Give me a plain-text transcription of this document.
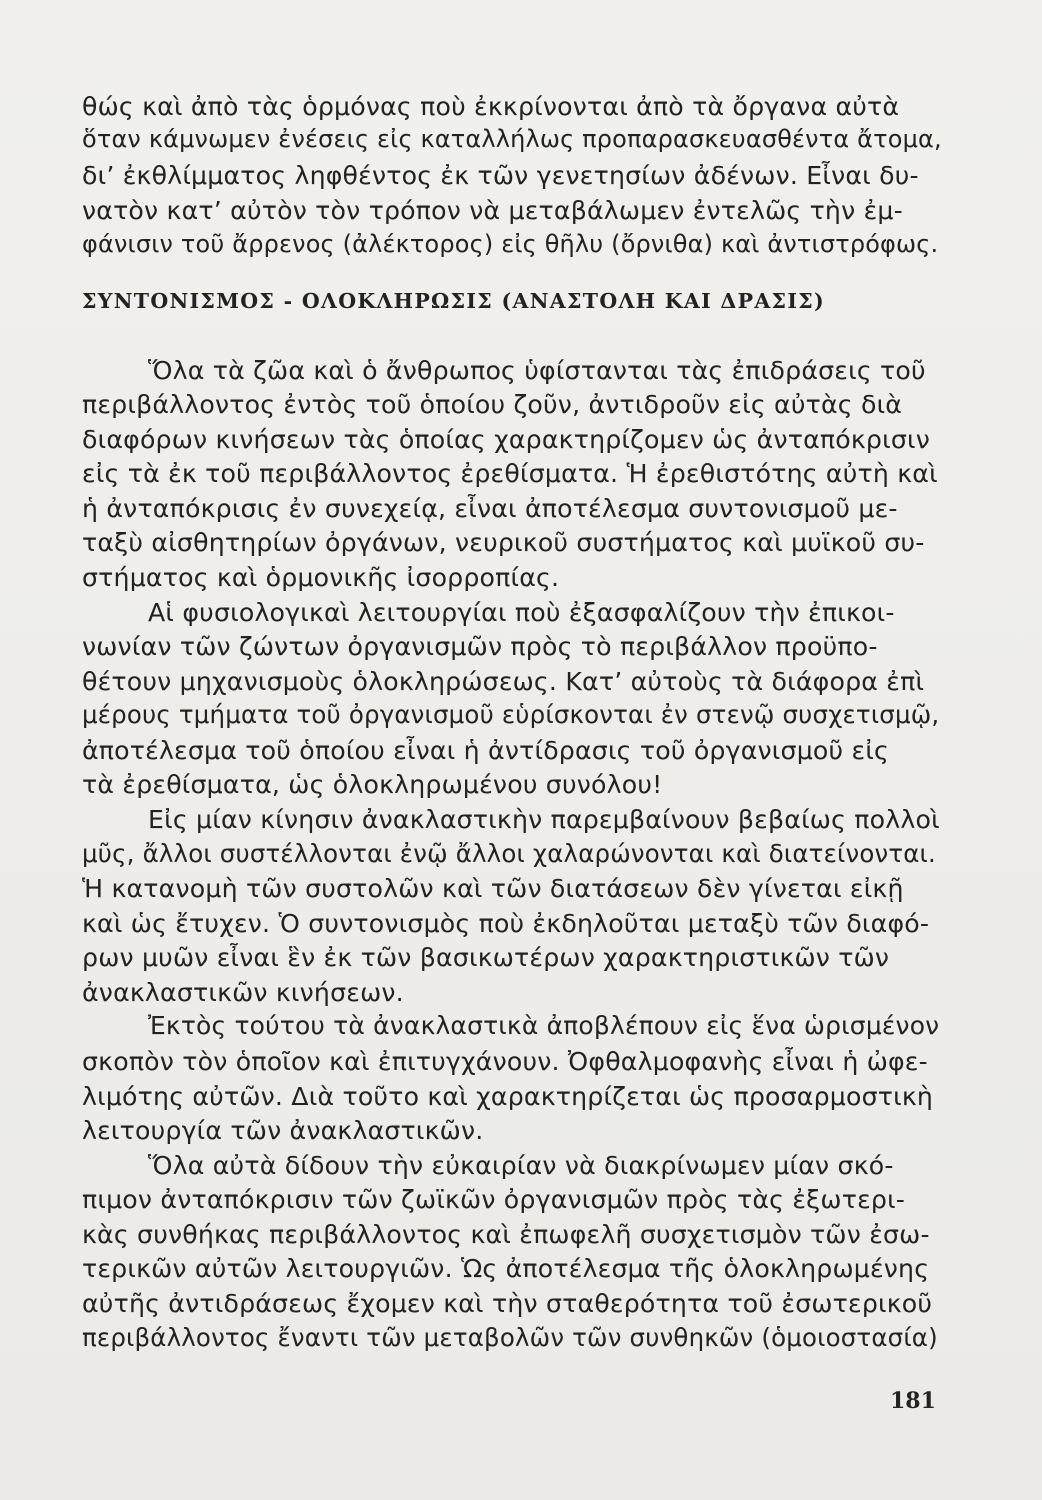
θώς καὶ ἀπὸ τὰς ὁρμόνας ποὺ ἐκκρίνονται ἀπὸ τὰ ὄργανα αὐτὰ

ὅταν κάμνωμεν ἐνέσεις εἰς καταλλήλως προπαρασκευασθέντα ἄτομα,

δι’ ἐκθλίμματος ληφθέντος ἐκ τῶν γενετησίων ἀδένων. Εἶναι δυ-

νατὸν κατ’ αὐτὸν τὸν τρόπον νὰ μεταβάλωμεν ἐντελῶς τὴν ἐμ-

φάνισιν τοῦ ἄρρενος (ἀλέκτορος) εἰς θῆλυ (ὄρνιθα) καὶ ἀντιστρόφως.

ΣΥΝΤΟΝΙΣΜΟΣ - ΟΛΟΚΛΗΡΩΣΙΣ (ΑΝΑΣΤΟΛΗ ΚΑΙ ΔΡΑΣΙΣ)

Ὅλα τὰ ζῶα καὶ ὁ ἄνθρωπος ὑφίστανται τὰς ἐπιδράσεις τοῦ

περιβάλλοντος ἐντὸς τοῦ ὁποίου ζοῦν, ἀντιδροῦν εἰς αὐτὰς διὰ

διαφόρων κινήσεων τὰς ὁποίας χαρακτηρίζομεν ὡς ἀνταπόκρισιν

εἰς τὰ ἐκ τοῦ περιβάλλοντος ἐρεθίσματα. Ἡ ἐρεθιστότης αὐτὴ καὶ

ἡ ἀνταπόκρισις ἐν συνεχείᾳ, εἶναι ἀποτέλεσμα συντονισμοῦ με-

ταξὺ αἰσθητηρίων ὀργάνων, νευρικοῦ συστήματος καὶ μυϊκοῦ συ-

στήματος καὶ ὁρμονικῆς ἰσορροπίας.

Αἱ φυσιολογικαὶ λειτουργίαι ποὺ ἐξασφαλίζουν τὴν ἐπικοι-

νωνίαν τῶν ζώντων ὀργανισμῶν πρὸς τὸ περιβάλλον προϋπο-

θέτουν μηχανισμοὺς ὁλοκληρώσεως. Κατ’ αὐτοὺς τὰ διάφορα ἐπὶ

μέρους τμήματα τοῦ ὀργανισμοῦ εὑρίσκονται ἐν στενῷ συσχετισμῷ,

ἀποτέλεσμα τοῦ ὁποίου εἶναι ἡ ἀντίδρασις τοῦ ὀργανισμοῦ εἰς

τὰ ἐρεθίσματα, ὡς ὁλοκληρωμένου συνόλου!

Εἰς μίαν κίνησιν ἀνακλαστικὴν παρεμβαίνουν βεβαίως πολλοὶ

μῦς, ἄλλοι συστέλλονται ἐνῷ ἄλλοι χαλαρώνονται καὶ διατείνονται.

Ἡ κατανομὴ τῶν συστολῶν καὶ τῶν διατάσεων δὲν γίνεται εἰκῇ

καὶ ὡς ἔτυχεν. Ὁ συντονισμὸς ποὺ ἐκδηλοῦται μεταξὺ τῶν διαφό-

ρων μυῶν εἶναι ἓν ἐκ τῶν βασικωτέρων χαρακτηριστικῶν τῶν

ἀνακλαστικῶν κινήσεων.

Ἐκτὸς τούτου τὰ ἀνακλαστικὰ ἀποβλέπουν εἰς ἕνα ὡρισμένον

σκοπὸν τὸν ὁποῖον καὶ ἐπιτυγχάνουν. Ὀφθαλμοφανὴς εἶναι ἡ ὠφε-

λιμότης αὐτῶν. Διὰ τοῦτο καὶ χαρακτηρίζεται ὡς προσαρμοστικὴ

λειτουργία τῶν ἀνακλαστικῶν.

Ὅλα αὐτὰ δίδουν τὴν εὐκαιρίαν νὰ διακρίνωμεν μίαν σκό-

πιμον ἀνταπόκρισιν τῶν ζωϊκῶν ὀργανισμῶν πρὸς τὰς ἐξωτερι-

κὰς συνθήκας περιβάλλοντος καὶ ἐπωφελῆ συσχετισμὸν τῶν ἐσω-

τερικῶν αὐτῶν λειτουργιῶν. Ὡς ἀποτέλεσμα τῆς ὁλοκληρωμένης

αὐτῆς ἀντιδράσεως ἔχομεν καὶ τὴν σταθερότητα τοῦ ἐσωτερικοῦ

περιβάλλοντος ἔναντι τῶν μεταβολῶν τῶν συνθηκῶν (ὁμοιοστασία)

181
